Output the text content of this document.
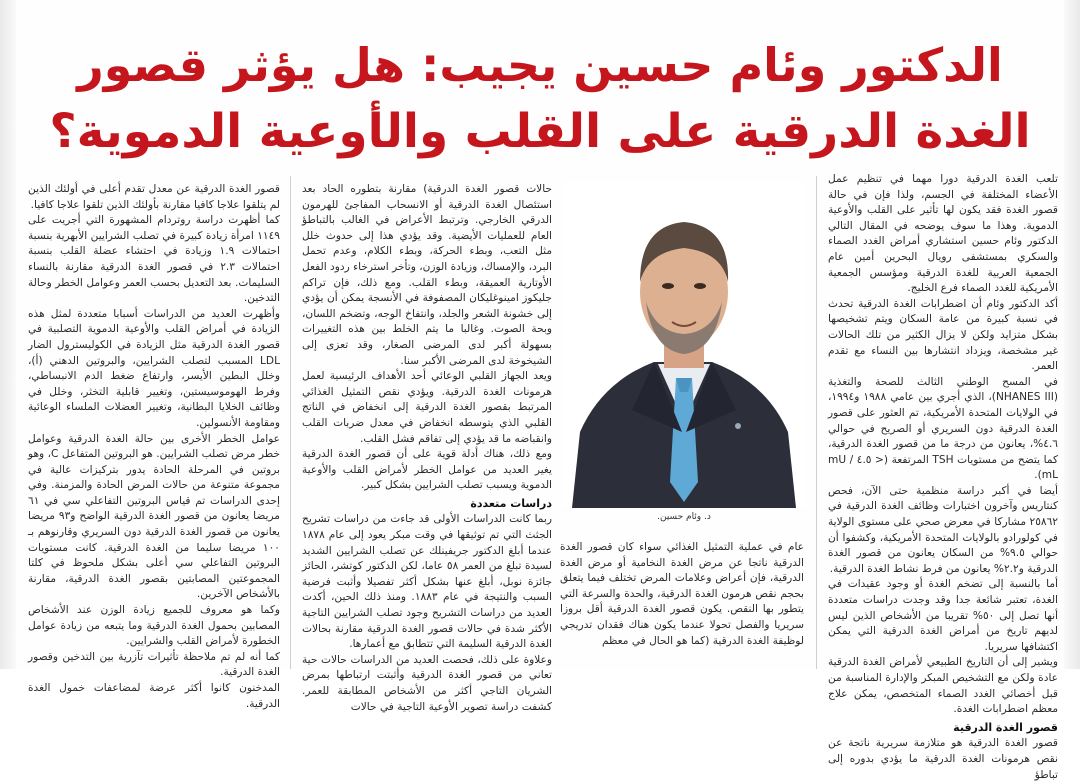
الدكتور وئام حسين يجيب: هل يؤثر قصور
الغدة الدرقية على القلب والأوعية الدموية؟

تلعب الغدة الدرقية دورا مهما في تنظيم عمل الأعضاء المختلفة في الجسم، ولذا فإن في حالة قصور الغدة فقد يكون لها تأثير على القلب والأوعية الدموية. وهذا ما سوف يوضحه في المقال التالي الدكتور وئام حسين استشاري أمراض الغدد الصماء والسكري بمستشفى رويال البحرين أمين عام الجمعية العربية للغدة الدرقية ومؤسس الجمعية الأمريكية للغدد الصماء فرع الخليج.

أكد الدكتور وئام أن اضطرابات الغدة الدرقية تحدث في نسبة كبيرة من عامة السكان ويتم تشخيصها بشكل متزايد ولكن لا يزال الكثير من تلك الحالات غير مشخصة، ويزداد انتشارها بين النساء مع تقدم العمر.

في المسح الوطني الثالث للصحة والتغذية (NHANES III)، الذي أجري بين عامي ١٩٨٨ و١٩٩٤، في الولايات المتحدة الأمريكية، تم العثور على قصور الغدة الدرقية دون السريري أو الصريح في حوالي ٤.٦%، يعانون من درجة ما من قصور الغدة الدرقية، كما يتضح من مستويات TSH المرتفعة (< ٤.٥ mU / mL).

أيضا في أكبر دراسة منظمية حتى الآن، فحص كنتاريس وآخرون اختبارات وظائف الغدة الدرقية في ٢٥٨٦٢ مشاركا في معرض صحي على مستوى الولاية في كولورادو بالولايات المتحدة الأمريكية، وكشفوا أن حوالي ٩.٥% من السكان يعانون من قصور الغدة الدرقية و٢.٢% يعانون من فرط نشاط الغدة الدرقية.

أما بالنسبة إلى تضخم الغدة أو وجود عقيدات في الغدة، تعتبر شائعة جدا وقد وجدت دراسات متعددة أنها تصل إلى ٥٠% تقريبا من الأشخاص الذين ليس لديهم تاريخ من أمراض الغدة الدرقية التي يمكن اكتشافها سريريا.

ويشير إلى أن التاريخ الطبيعي لأمراض الغدة الدرقية عادة ولكن مع التشخيص المبكر والإدارة المناسبة من قبل أخصائي الغدد الصماء المتخصص، يمكن علاج معظم اضطرابات الغدة.

قصور الغدة الدرقية

قصور الغدة الدرقية هو متلازمة سريرية ناتجة عن نقص هرمونات الغدة الدرقية ما يؤدي بدوره إلى تباطؤ

د. وئام حسين.

عام في عملية التمثيل الغذائي سواء كان قصور الغدة الدرقية ناتجا عن مرض الغدة النخامية أو مرض الغدة الدرقية، فإن أعراض وعلامات المرض تختلف فيما يتعلق بحجم نقص هرمون الغدة الدرقية، والحدة والسرعة التي يتطور بها النقص. يكون قصور الغدة الدرقية أقل بروزا سريريا والفصل تحولا عندما يكون هناك فقدان تدريجي لوظيفة الغدة الدرقية (كما هو الحال في معظم

حالات قصور الغدة الدرقية) مقارنة بتطوره الحاد بعد استئصال الغدة الدرقية أو الانسحاب المفاجئ للهرمون الدرقي الخارجي. وترتبط الأعراض في الغالب بالتباطؤ العام للعمليات الأيضية. وقد يؤدي هذا إلى حدوث خلل مثل التعب، وبطء الحركة، وبطء الكلام، وعدم تحمل البرد، والإمساك، وزيادة الوزن، وتأخر استرخاء ردود الفعل الأوتارية العميقة، وبطء القلب. ومع ذلك، فإن تراكم جليكوز امينوغليكان المصفوفة في الأنسجة يمكن أن يؤدي إلى خشونة الشعر والجلد، وانتفاخ الوجه، وتضخم اللسان، وبحة الصوت. وغالبا ما يتم الخلط بين هذه التغييرات بسهولة أكبر لدى المرضى الصغار، وقد تعزى إلى الشيخوخة لدى المرضى الأكبر سنا.

ويعد الجهاز القلبي الوعائي أحد الأهداف الرئيسية لعمل هرمونات الغدة الدرقية. ويؤدي نقص التمثيل الغذائي المرتبط بقصور الغدة الدرقية إلى انخفاض في الناتج القلبي الذي يتوسطه انخفاض في معدل ضربات القلب وانقباضه ما قد يؤدي إلى تفاقم فشل القلب.

ومع ذلك، هناك أدلة قوية على أن قصور الغدة الدرقية يغير العديد من عوامل الخطر لأمراض القلب والأوعية الدموية ويسبب تصلب الشرايين بشكل كبير.

دراسات متعددة

ربما كانت الدراسات الأولى قد جاءت من دراسات تشريح الجثث التي تم توثيقها في وقت مبكر يعود إلى عام ١٨٧٨ عندما أبلغ الدكتور جريفينلك عن تصلب الشرايين الشديد لسيدة تبلغ من العمر ٥٨ عاما، لكن الدكتور كوتشر، الحائز جائزة نوبل، أبلغ عنها بشكل أكثر تفصيلا وأثبت فرضية السبب والنتيجة في عام ١٨٨٣. ومنذ ذلك الحين، أكدت العديد من دراسات التشريح وجود تصلب الشرايين التاجية الأكثر شدة في حالات قصور الغدة الدرقية مقارنة بحالات الغدة الدرقية السليمة التي تتطابق مع أعمارها.

وعلاوة على ذلك، فحصت العديد من الدراسات حالات حية تعاني من قصور الغدة الدرقية وأثبتت ارتباطها بمرض الشريان التاجي أكثر من الأشخاص المطابقة للعمر. كشفت دراسة تصوير الأوعية التاجية في حالات

قصور الغدة الدرقية عن معدل تقدم أعلى في أولئك الذين لم يتلقوا علاجا كافيا مقارنة بأولئك الذين تلقوا علاجا كافيا.

كما أظهرت دراسة روتردام المشهورة التي أجريت على ١١٤٩ امرأة زيادة كبيرة في تصلب الشرايين الأبهرية بنسبة احتمالات ١.٩ وزيادة في احتشاء عضلة القلب بنسبة احتمالات ٢.٣ في قصور الغدة الدرقية مقارنة بالنساء السليمات. بعد التعديل بحسب العمر وعوامل الخطر وحالة التدخين.

وأظهرت العديد من الدراسات أسبابا متعددة لمثل هذه الزيادة في أمراض القلب والأوعية الدموية التصلبية في قصور الغدة الدرقية مثل الزيادة في الكوليسترول الضار LDL المسبب لتصلب الشرايين، والبروتين الدهني (أ)، وخلل البطين الأيسر، وارتفاع ضغط الدم الانبساطي، وفرط الهوموسيستين، وتغيير قابلية التخثر، وخلل في وظائف الخلايا البطانية، وتغيير العضلات الملساء الوعائية ومقاومة الأنسولين.

عوامل الخطر الأخرى بين حالة الغدة الدرقية وعوامل خطر مرض تصلب الشرايين. هو البروتين المتفاعل C، وهو بروتين في المرحلة الحادة يدور بتركيزات عالية في مجموعة متنوعة من حالات المرض الحادة والمزمنة. وفي إحدى الدراسات تم قياس البروتين التفاعلي سي في ٦١ مريضا يعانون من قصور الغدة الدرقية الواضح و٩٣ مريضا يعانون من قصور الغدة الدرقية دون السريري وقارنوهم بـ ١٠٠ مريضا سليما من الغدة الدرقية. كانت مستويات البروتين التفاعلي سي أعلى بشكل ملحوظ في كلتا المجموعتين المصابتين بقصور الغدة الدرقية، مقارنة بالأشخاص الآخرين.

وكما هو معروف للجميع زيادة الوزن عند الأشخاص المصابين بحمول الغدة الدرقية وما يتبعه من زيادة عوامل الخطورة لأمراض القلب والشرايين.

كما أنه لم تم ملاحظة تأثيرات تآزرية بين التدخين وقصور الغدة الدرقية.

المدخنون كانوا أكثر عرضة لمضاعفات خمول الغدة الدرقية.
